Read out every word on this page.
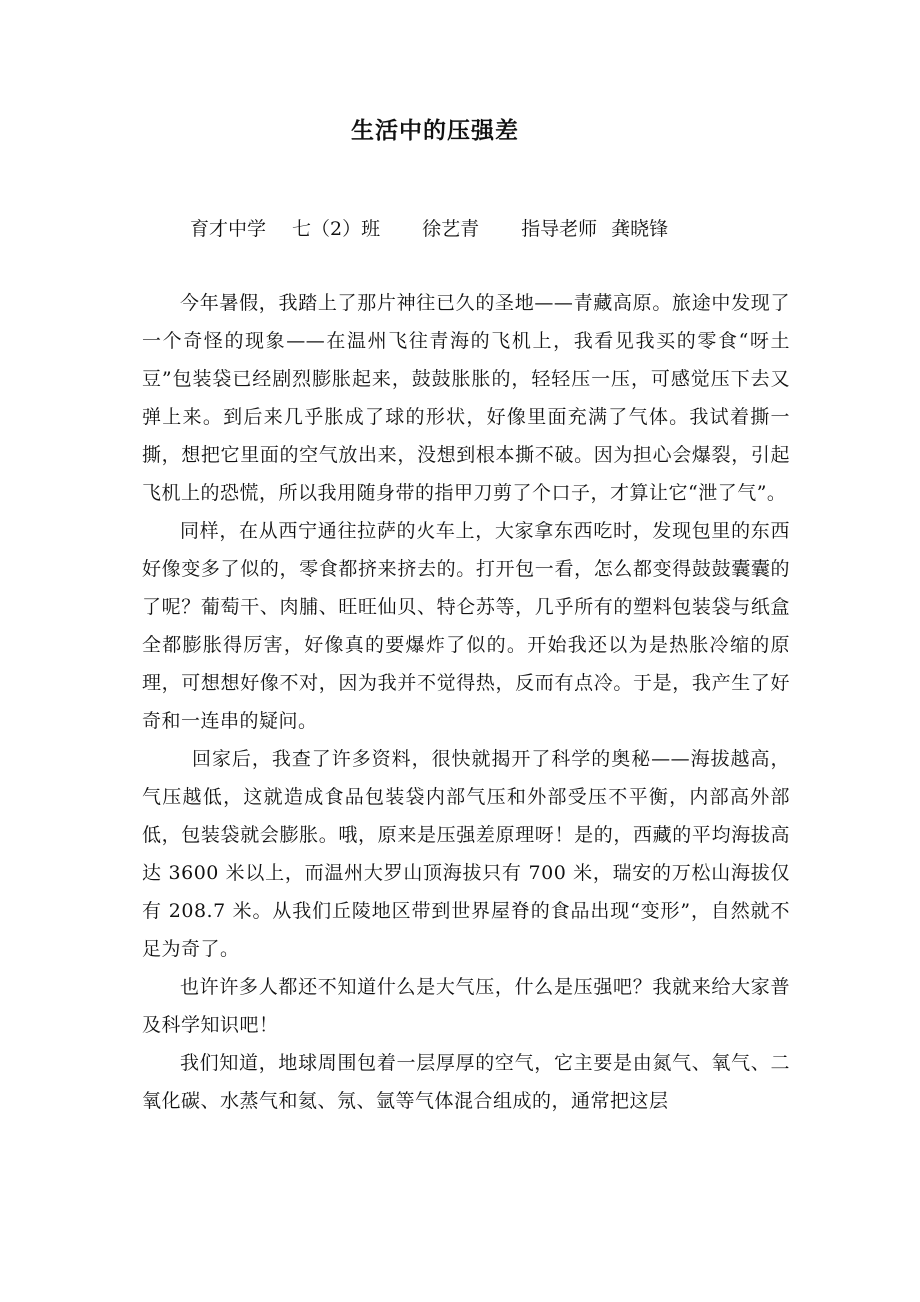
生活中的压强差
育才中学 七（2）班 徐艺青 指导老师 龚晓锋

今年暑假，我踏上了那片神往已久的圣地——青藏高原。旅途中发现了一个奇怪的现象——在温州飞往青海的飞机上，我看见我买的零食“呀土豆”包装袋已经剧烈膨胀起来，鼓鼓胀胀的，轻轻压一压，可感觉压下去又弹上来。到后来几乎胀成了球的形状，好像里面充满了气体。我试着撕一撕，想把它里面的空气放出来，没想到根本撕不破。因为担心会爆裂，引起飞机上的恐慌，所以我用随身带的指甲刀剪了个口子，才算让它“泄了气”。

同样，在从西宁通往拉萨的火车上，大家拿东西吃时，发现包里的东西好像变多了似的，零食都挤来挤去的。打开包一看，怎么都变得鼓鼓囊囊的了呢？葡萄干、肉脯、旺旺仙贝、特仑苏等，几乎所有的塑料包装袋与纸盒全都膨胀得厉害，好像真的要爆炸了似的。开始我还以为是热胀冷缩的原理，可想想好像不对，因为我并不觉得热，反而有点冷。于是，我产生了好奇和一连串的疑问。

回家后，我查了许多资料，很快就揭开了科学的奥秘——海拔越高，气压越低，这就造成食品包装袋内部气压和外部受压不平衡，内部高外部低，包装袋就会膨胀。哦，原来是压强差原理呀！是的，西藏的平均海拔高达 3600 米以上，而温州大罗山顶海拔只有 700 米，瑞安的万松山海拔仅有 208.7 米。从我们丘陵地区带到世界屋脊的食品出现“变形”，自然就不足为奇了。

也许许多人都还不知道什么是大气压，什么是压强吧？我就来给大家普及科学知识吧！

我们知道，地球周围包着一层厚厚的空气，它主要是由氮气、氧气、二氧化碳、水蒸气和氦、氖、氩等气体混合组成的，通常把这层
